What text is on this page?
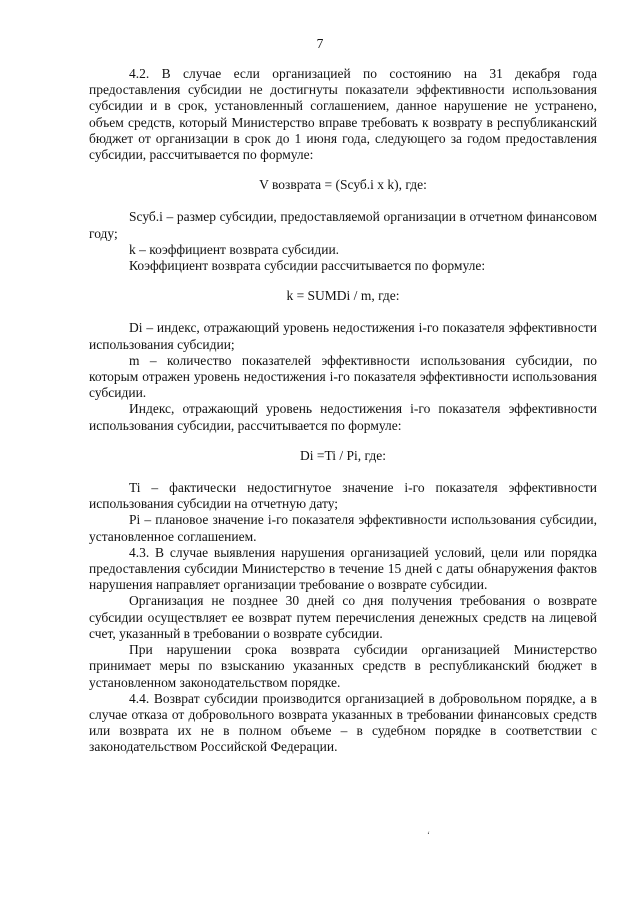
7

4.2. В случае если организацией по состоянию на 31 декабря года предоставления субсидии не достигнуты показатели эффективности использования субсидии и в срок, установленный соглашением, данное нарушение не устранено, объем средств, который Министерство вправе требовать к возврату в республиканский бюджет от организации в срок до 1 июня года, следующего за годом предоставления субсидии, рассчитывается по формуле:

V возврата = (Sсуб.i x k), где:

Sсуб.i – размер субсидии, предоставляемой организации в отчетном финансовом году;

k – коэффициент возврата субсидии.

Коэффициент возврата субсидии рассчитывается по формуле:

k = SUMDi / m, где:

Di – индекс, отражающий уровень недостижения i-го показателя эффективности использования субсидии;

m – количество показателей эффективности использования субсидии, по которым отражен уровень недостижения i-го показателя эффективности использования субсидии.

Индекс, отражающий уровень недостижения i-го показателя эффективности использования субсидии, рассчитывается по формуле:

Di =Ti / Pi, где:

Ti – фактически недостигнутое значение i-го показателя эффективности использования субсидии на отчетную дату;

Pi – плановое значение i-го показателя эффективности использования субсидии, установленное соглашением.

4.3. В случае выявления нарушения организацией условий, цели или порядка предоставления субсидии Министерство в течение 15 дней с даты обнаружения фактов нарушения направляет организации требование о возврате субсидии.

Организация не позднее 30 дней со дня получения требования о возврате субсидии осуществляет ее возврат путем перечисления денежных средств на лицевой счет, указанный в требовании о возврате субсидии.

При нарушении срока возврата субсидии организацией Министерство принимает меры по взысканию указанных средств в республиканский бюджет в установленном законодательством порядке.

4.4. Возврат субсидии производится организацией в добровольном порядке, а в случае отказа от добровольного возврата указанных в требовании финансовых средств или возврата их не в полном объеме – в судебном порядке в соответствии с законодательством Российской Федерации.

‘
